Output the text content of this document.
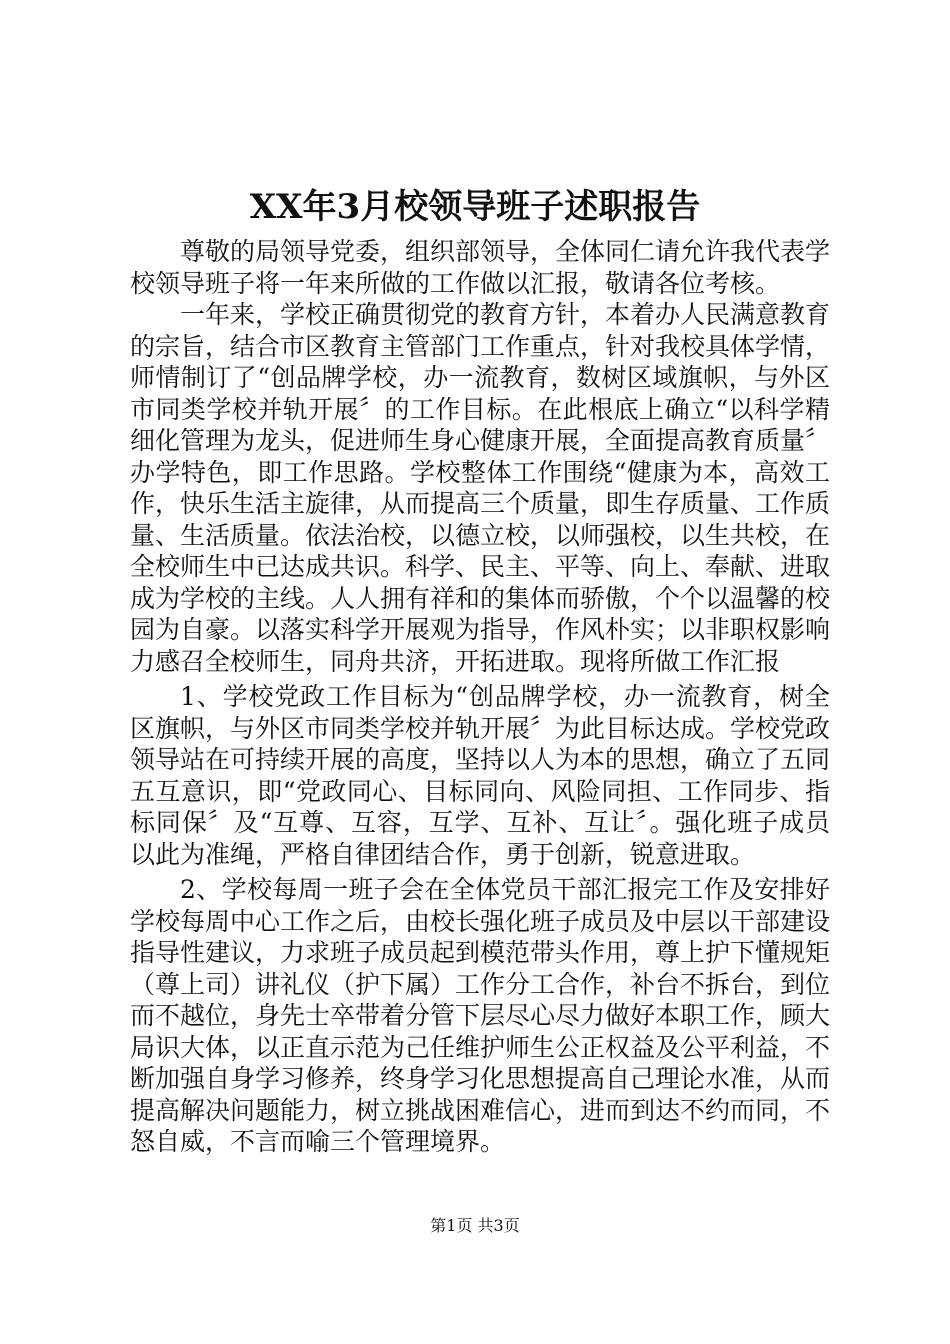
XX年3月校领导班子述职报告

尊敬的局领导党委，组织部领导，全体同仁请允许我代表学校领导班子将一年来所做的工作做以汇报，敬请各位考核。

一年来，学校正确贯彻党的教育方针，本着办人民满意教育的宗旨，结合市区教育主管部门工作重点，针对我校具体学情，师情制订了“创品牌学校，办一流教育，数树区域旗帜，与外区市同类学校并轨开展〞的工作目标。在此根底上确立“以科学精细化管理为龙头，促进师生身心健康开展，全面提高教育质量〞办学特色，即工作思路。学校整体工作围绕“健康为本，高效工作，快乐生活主旋律，从而提高三个质量，即生存质量、工作质量、生活质量。依法治校，以德立校，以师强校，以生共校，在全校师生中已达成共识。科学、民主、平等、向上、奉献、进取成为学校的主线。人人拥有祥和的集体而骄傲，个个以温馨的校园为自豪。以落实科学开展观为指导，作风朴实；以非职权影响力感召全校师生，同舟共济，开拓进取。现将所做工作汇报

1、学校党政工作目标为“创品牌学校，办一流教育，树全区旗帜，与外区市同类学校并轨开展〞为此目标达成。学校党政领导站在可持续开展的高度，坚持以人为本的思想，确立了五同五互意识，即“党政同心、目标同向、风险同担、工作同步、指标同保〞及“互尊、互容，互学、互补、互让〞。强化班子成员以此为准绳，严格自律团结合作，勇于创新，锐意进取。

2、学校每周一班子会在全体党员干部汇报完工作及安排好学校每周中心工作之后，由校长强化班子成员及中层以干部建设指导性建议，力求班子成员起到模范带头作用，尊上护下懂规矩（尊上司）讲礼仪（护下属）工作分工合作，补台不拆台，到位而不越位，身先士卒带着分管下层尽心尽力做好本职工作，顾大局识大体，以正直示范为己任维护师生公正权益及公平利益，不断加强自身学习修养，终身学习化思想提高自己理论水准，从而提高解决问题能力，树立挑战困难信心，进而到达不约而同，不怒自威，不言而喻三个管理境界。

第1页 共3页
